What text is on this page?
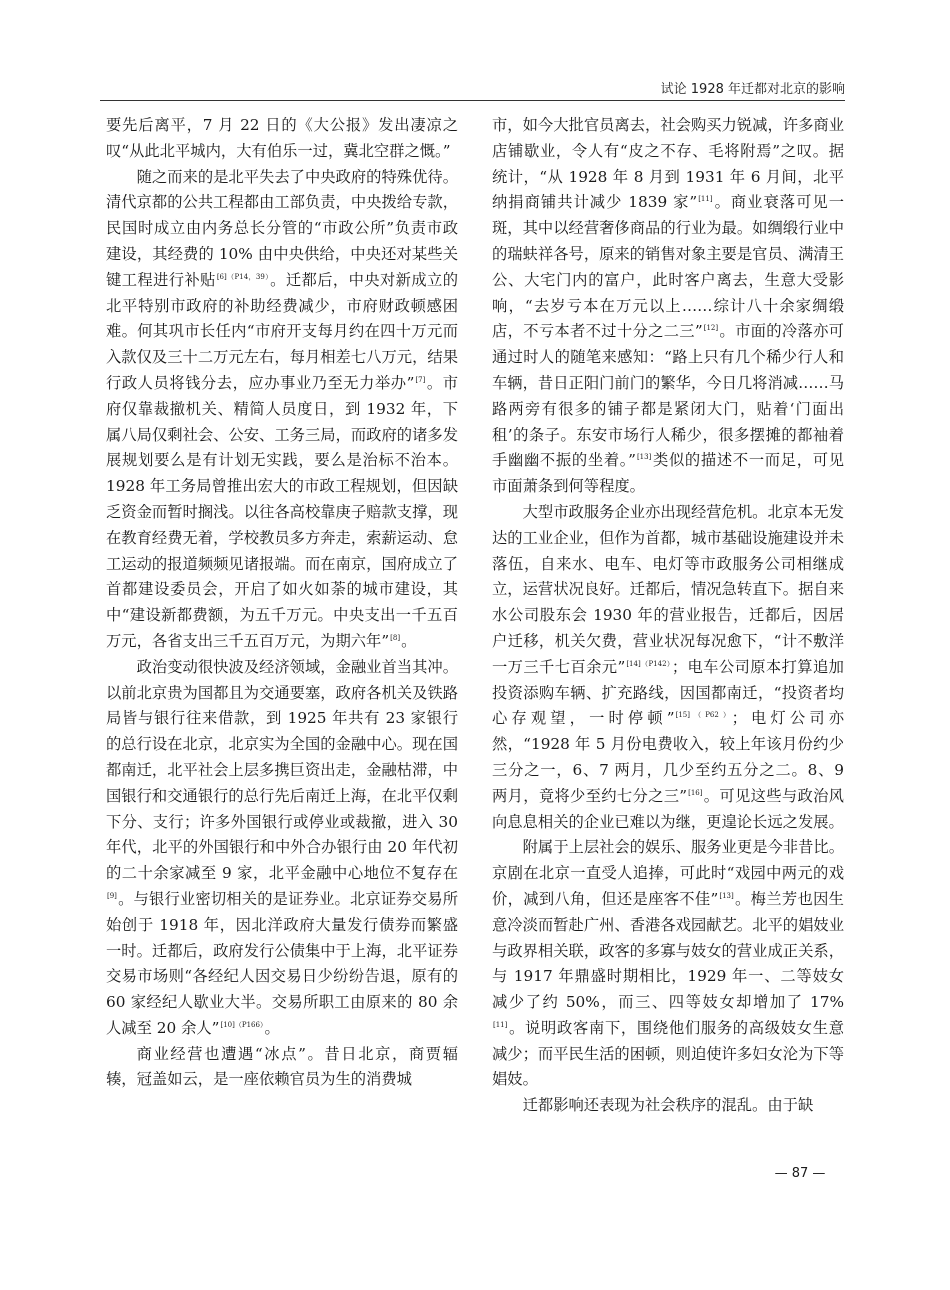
试论 1928 年迁都对北京的影响

要先后离平，7 月 22 日的《大公报》发出凄凉之叹“从此北平城内，大有伯乐一过，冀北空群之慨。”

随之而来的是北平失去了中央政府的特殊优待。清代京都的公共工程都由工部负责，中央拨给专款，民国时成立由内务总长分管的“市政公所”负责市政建设，其经费的 10% 由中央供给，中央还对某些关键工程进行补贴$^{[6](P14,39)}$。迁都后，中央对新成立的北平特别市政府的补助经费减少，市府财政顿感困难。何其巩市长任内“市府开支每月约在四十万元而入款仅及三十二万元左右，每月相差七八万元，结果行政人员将钱分去，应办事业乃至无力举办”[7]。市府仅靠裁撤机关、精简人员度日，到 1932 年，下属八局仅剩社会、公安、工务三局，而政府的诸多发展规划要么是有计划无实践，要么是治标不治本。1928 年工务局曾推出宏大的市政工程规划，但因缺乏资金而暂时搁浅。以往各高校靠庚子赔款支撑，现在教育经费无着，学校教员多方奔走，索薪运动、怠工运动的报道频频见诸报端。而在南京，国府成立了首都建设委员会，开启了如火如荼的城市建设，其中“建设新都费额，为五千万元。中央支出一千五百万元，各省支出三千五百万元，为期六年”[8]。

政治变动很快波及经济领域，金融业首当其冲。以前北京贵为国都且为交通要塞，政府各机关及铁路局皆与银行往来借款，到 1925 年共有 23 家银行的总行设在北京，北京实为全国的金融中心。现在国都南迁，北平社会上层多携巨资出走，金融枯滞，中国银行和交通银行的总行先后南迁上海，在北平仅剩下分、支行；许多外国银行或停业或裁撤，进入 30 年代，北平的外国银行和中外合办银行由 20 年代初的二十余家减至 9 家，北平金融中心地位不复存在[9]。与银行业密切相关的是证券业。北京证券交易所始创于 1918 年，因北洋政府大量发行债券而繁盛一时。迁都后，政府发行公债集中于上海，北平证券交易市场则“各经纪人因交易日少纷纷告退，原有的 60 家经纪人歇业大半。交易所职工由原来的 80 余人减至 20 余人”$^{[10](P166)}$。

商业经营也遭遇“冰点”。昔日北京，商贾辐辏，冠盖如云，是一座依赖官员为生的消费城

市，如今大批官员离去，社会购买力锐减，许多商业店铺歇业，令人有“皮之不存、毛将附焉”之叹。据统计，“从 1928 年 8 月到 1931 年 6 月间，北平纳捐商铺共计减少 1839 家”[11]。商业衰落可见一斑，其中以经营奢侈商品的行业为最。如绸缎行业中的瑞蚨祥各号，原来的销售对象主要是官员、满清王公、大宅门内的富户，此时客户离去，生意大受影响，“去岁亏本在万元以上……综计八十余家绸缎店，不亏本者不过十分之二三”[12]。市面的冷落亦可通过时人的随笔来感知：“路上只有几个稀少行人和车辆，昔日正阳门前门的繁华，今日几将消减……马路两旁有很多的铺子都是紧闭大门，贴着‘门面出租’的条子。东安市场行人稀少，很多摆摊的都袖着手幽幽不振的坐着。”[13]类似的描述不一而足，可见市面萧条到何等程度。

大型市政服务企业亦出现经营危机。北京本无发达的工业企业，但作为首都，城市基础设施建设并未落伍，自来水、电车、电灯等市政服务公司相继成立，运营状况良好。迁都后，情况急转直下。据自来水公司股东会 1930 年的营业报告，迁都后，因居户迁移，机关欠费，营业状况每况愈下，“计不敷洋一万三千七百余元”$^{[14](P142)}$；电车公司原本打算追加投资添购车辆、扩充路线，因国都南迁，“投资者均心存观望，一时停顿”$^{[15](P62)}$；电灯公司亦然，“1928 年 5 月份电费收入，较上年该月份约少三分之一，6、7 两月，几少至约五分之二。8、9 两月，竟将少至约七分之三”[16]。可见这些与政治风向息息相关的企业已难以为继，更遑论长远之发展。

附属于上层社会的娱乐、服务业更是今非昔比。京剧在北京一直受人追捧，可此时“戏园中两元的戏价，减到八角，但还是座客不佳”[13]。梅兰芳也因生意冷淡而暂赴广州、香港各戏园献艺。北平的娼妓业与政界相关联，政客的多寡与妓女的营业成正关系，与 1917 年鼎盛时期相比，1929 年一、二等妓女减少了约 50%，而三、四等妓女却增加了 17%[11]。说明政客南下，围绕他们服务的高级妓女生意减少；而平民生活的困顿，则迫使许多妇女沦为下等娼妓。

迁都影响还表现为社会秩序的混乱。由于缺

— 87 —
